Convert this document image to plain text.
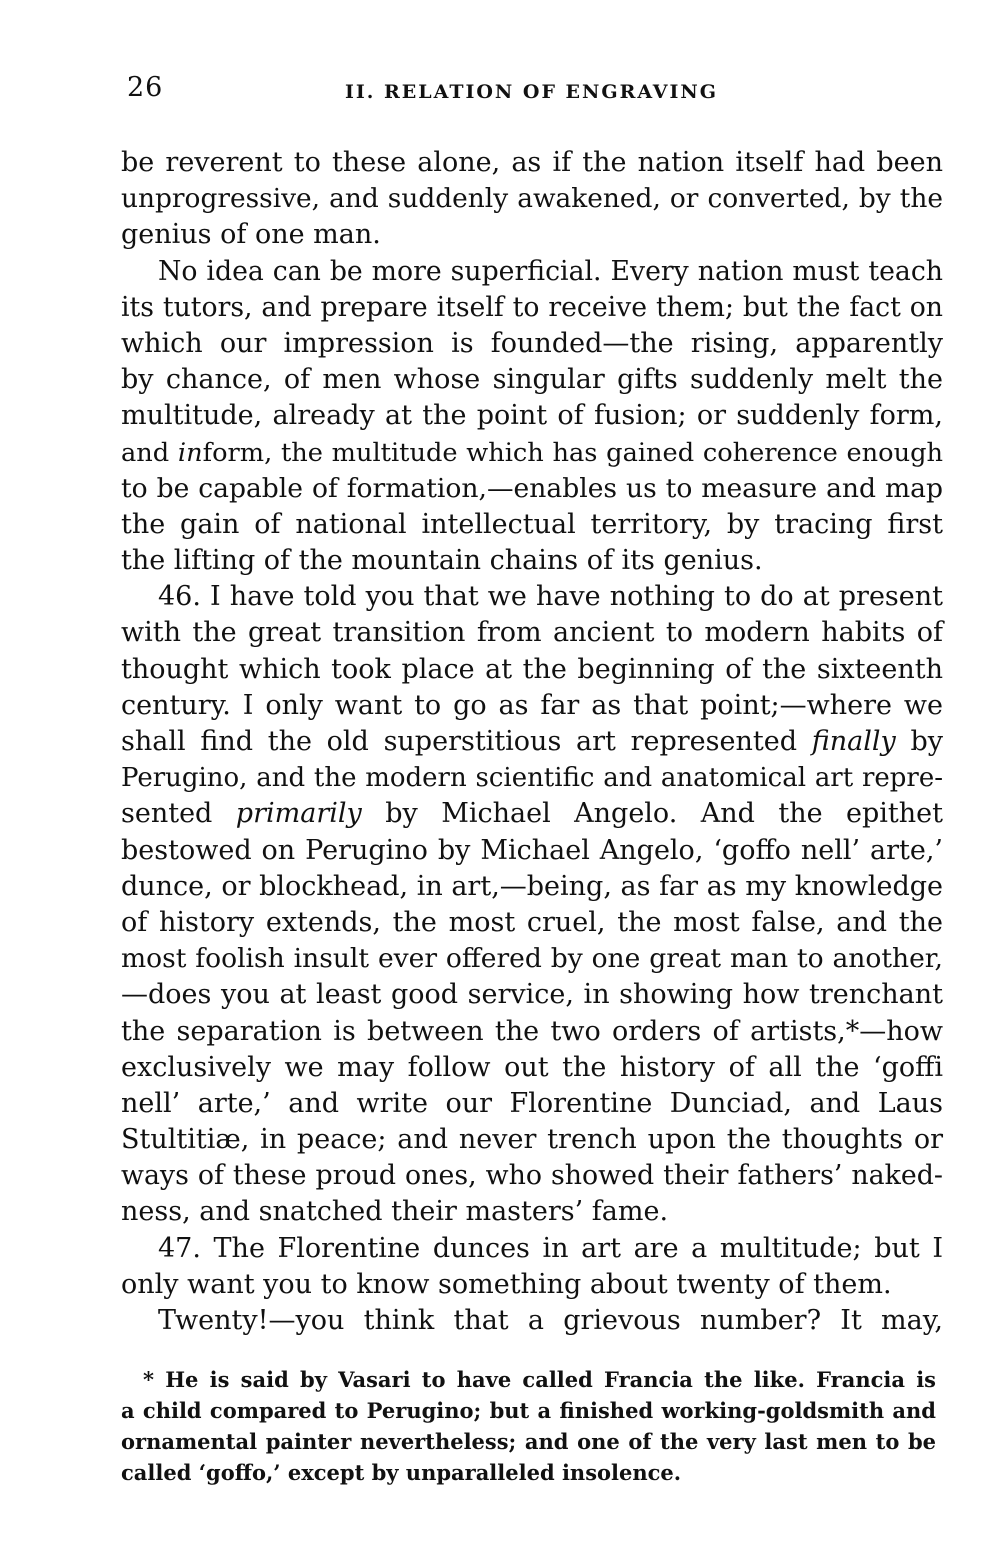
26	II. RELATION OF ENGRAVING
be reverent to these alone, as if the nation itself had been
unprogressive, and suddenly awakened, or converted, by the
genius of one man.
No idea can be more superficial. Every nation must teach
its tutors, and prepare itself to receive them; but the fact on
which our impression is founded—the rising, apparently
by chance, of men whose singular gifts suddenly melt the
multitude, already at the point of fusion; or suddenly form,
and inform, the multitude which has gained coherence enough
to be capable of formation,—enables us to measure and map
the gain of national intellectual territory, by tracing first
the lifting of the mountain chains of its genius.
46. I have told you that we have nothing to do at present
with the great transition from ancient to modern habits of
thought which took place at the beginning of the sixteenth
century. I only want to go as far as that point;—where we
shall find the old superstitious art represented finally by
Perugino, and the modern scientific and anatomical art repre-
sented primarily by Michael Angelo. And the epithet
bestowed on Perugino by Michael Angelo, ‘goffo nell’ arte,’
dunce, or blockhead, in art,—being, as far as my knowledge
of history extends, the most cruel, the most false, and the
most foolish insult ever offered by one great man to another,
—does you at least good service, in showing how trenchant
the separation is between the two orders of artists,*—how
exclusively we may follow out the history of all the ‘goffi
nell’ arte,’ and write our Florentine Dunciad, and Laus
Stultitiæ, in peace; and never trench upon the thoughts or
ways of these proud ones, who showed their fathers’ naked-
ness, and snatched their masters’ fame.
47. The Florentine dunces in art are a multitude; but I
only want you to know something about twenty of them.
Twenty!—you think that a grievous number? It may,
* He is said by Vasari to have called Francia the like. Francia is
a child compared to Perugino; but a finished working-goldsmith and
ornamental painter nevertheless; and one of the very last men to be
called ‘goffo,’ except by unparalleled insolence.
